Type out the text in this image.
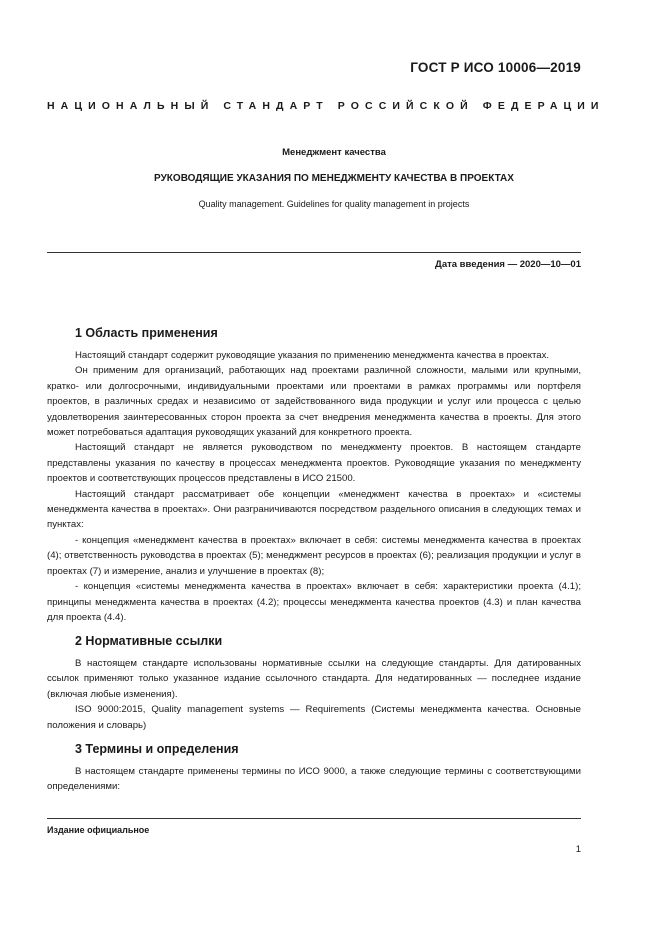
ГОСТ Р ИСО 10006—2019
НАЦИОНАЛЬНЫЙ СТАНДАРТ РОССИЙСКОЙ ФЕДЕРАЦИИ
Менеджмент качества
РУКОВОДЯЩИЕ УКАЗАНИЯ ПО МЕНЕДЖМЕНТУ КАЧЕСТВА В ПРОЕКТАХ
Quality management. Guidelines for quality management in projects
Дата введения — 2020—10—01
1 Область применения

Настоящий стандарт содержит руководящие указания по применению менеджмента качества в проектах.

Он применим для организаций, работающих над проектами различной сложности, малыми или крупными, кратко- или долгосрочными, индивидуальными проектами или проектами в рамках программы или портфеля проектов, в различных средах и независимо от задействованного вида продукции и услуг или процесса с целью удовлетворения заинтересованных сторон проекта за счет внедрения менеджмента качества в проекты. Для этого может потребоваться адаптация руководящих указаний для конкретного проекта.

Настоящий стандарт не является руководством по менеджменту проектов. В настоящем стандарте представлены указания по качеству в процессах менеджмента проектов. Руководящие указания по менеджменту проектов и соответствующих процессов представлены в ИСО 21500.

Настоящий стандарт рассматривает обе концепции «менеджмент качества в проектах» и «системы менеджмента качества в проектах». Они разграничиваются посредством раздельного описания в следующих темах и пунктах:

- концепция «менеджмент качества в проектах» включает в себя: системы менеджмента качества в проектах (4); ответственность руководства в проектах (5); менеджмент ресурсов в проектах (6); реализация продукции и услуг в проектах (7) и измерение, анализ и улучшение в проектах (8);

- концепция «системы менеджмента качества в проектах» включает в себя: характеристики проекта (4.1); принципы менеджмента качества в проектах (4.2); процессы менеджмента качества проектов (4.3) и план качества для проекта (4.4).

2 Нормативные ссылки

В настоящем стандарте использованы нормативные ссылки на следующие стандарты. Для датированных ссылок применяют только указанное издание ссылочного стандарта. Для недатированных — последнее издание (включая любые изменения).

ISO 9000:2015, Quality management systems — Requirements (Системы менеджмента качества. Основные положения и словарь)

3 Термины и определения

В настоящем стандарте применены термины по ИСО 9000, а также следующие термины с соответствующими определениями:

Издание официальное
1
